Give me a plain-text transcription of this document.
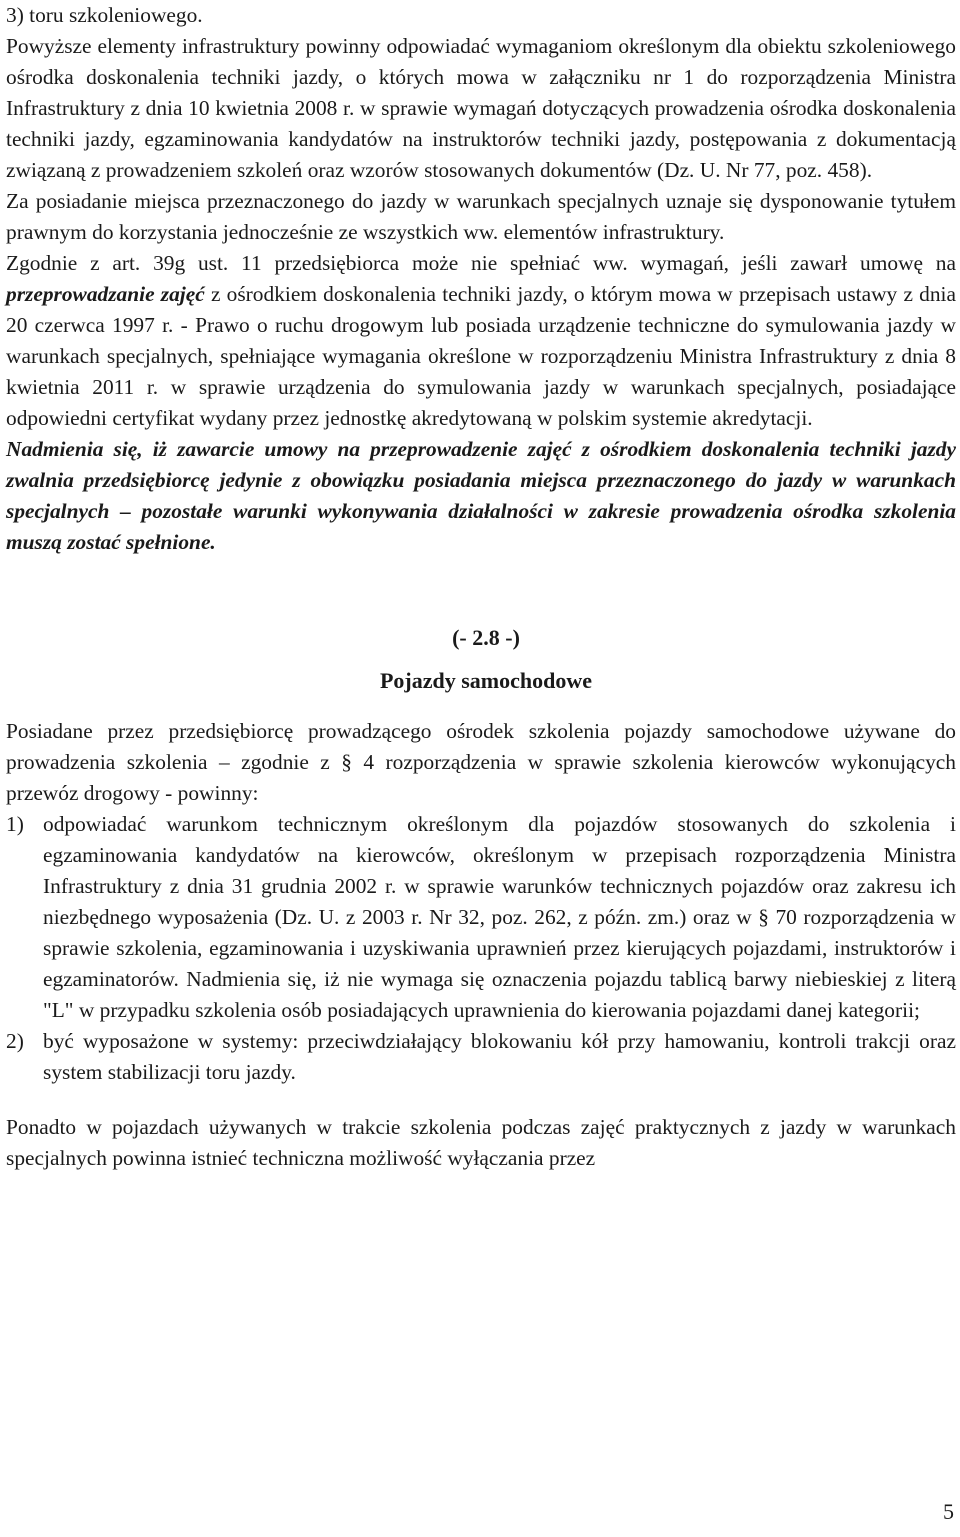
3) toru szkoleniowego.

Powyższe elementy infrastruktury powinny odpowiadać wymaganiom określonym dla obiektu szkoleniowego ośrodka doskonalenia techniki jazdy, o których mowa w załączniku nr 1 do rozporządzenia Ministra Infrastruktury z dnia 10 kwietnia 2008 r. w sprawie wymagań dotyczących prowadzenia ośrodka doskonalenia techniki jazdy, egzaminowania kandydatów na instruktorów techniki jazdy, postępowania z dokumentacją związaną z prowadzeniem szkoleń oraz wzorów stosowanych dokumentów (Dz. U. Nr 77, poz. 458).

Za posiadanie miejsca przeznaczonego do jazdy w warunkach specjalnych uznaje się dysponowanie tytułem prawnym do korzystania jednocześnie ze wszystkich ww. elementów infrastruktury.

Zgodnie z art. 39g ust. 11 przedsiębiorca może nie spełniać ww. wymagań, jeśli zawarł umowę na przeprowadzanie zajęć z ośrodkiem doskonalenia techniki jazdy, o którym mowa w przepisach ustawy z dnia 20 czerwca 1997 r. - Prawo o ruchu drogowym lub posiada urządzenie techniczne do symulowania jazdy w warunkach specjalnych, spełniające wymagania określone w rozporządzeniu Ministra Infrastruktury z dnia 8 kwietnia 2011 r. w sprawie urządzenia do symulowania jazdy w warunkach specjalnych, posiadające odpowiedni certyfikat wydany przez jednostkę akredytowaną w polskim systemie akredytacji.

Nadmienia się, iż zawarcie umowy na przeprowadzenie zajęć z ośrodkiem doskonalenia techniki jazdy zwalnia przedsiębiorcę jedynie z obowiązku posiadania miejsca przeznaczonego do jazdy w warunkach specjalnych – pozostałe warunki wykonywania działalności w zakresie prowadzenia ośrodka szkolenia muszą zostać spełnione.

(- 2.8 -)
Pojazdy samochodowe

Posiadane przez przedsiębiorcę prowadzącego ośrodek szkolenia pojazdy samochodowe używane do prowadzenia szkolenia – zgodnie z § 4 rozporządzenia w sprawie szkolenia kierowców wykonujących przewóz drogowy - powinny:

1) odpowiadać warunkom technicznym określonym dla pojazdów stosowanych do szkolenia i egzaminowania kandydatów na kierowców, określonym w przepisach rozporządzenia Ministra Infrastruktury z dnia 31 grudnia 2002 r. w sprawie warunków technicznych pojazdów oraz zakresu ich niezbędnego wyposażenia (Dz. U. z 2003 r. Nr 32, poz. 262, z późn. zm.) oraz w § 70 rozporządzenia w sprawie szkolenia, egzaminowania i uzyskiwania uprawnień przez kierujących pojazdami, instruktorów i egzaminatorów. Nadmienia się, iż nie wymaga się oznaczenia pojazdu tablicą barwy niebieskiej z literą "L" w przypadku szkolenia osób posiadających uprawnienia do kierowania pojazdami danej kategorii;
2) być wyposażone w systemy: przeciwdziałający blokowaniu kół przy hamowaniu, kontroli trakcji oraz system stabilizacji toru jazdy.

Ponadto w pojazdach używanych w trakcie szkolenia podczas zajęć praktycznych z jazdy w warunkach specjalnych powinna istnieć techniczna możliwość wyłączania przez

5
